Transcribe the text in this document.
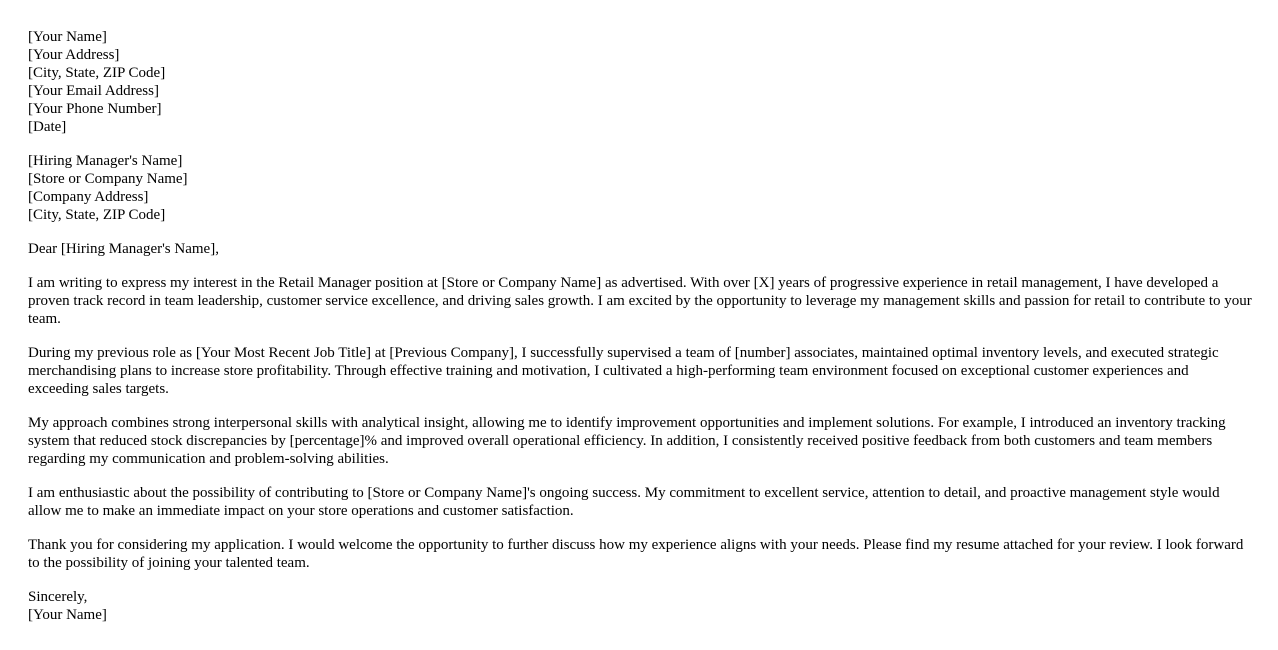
[Your Name]
[Your Address]
[City, State, ZIP Code]
[Your Email Address]
[Your Phone Number]
[Date]
[Hiring Manager's Name]
[Store or Company Name]
[Company Address]
[City, State, ZIP Code]

Dear [Hiring Manager's Name],

I am writing to express my interest in the Retail Manager position at [Store or Company Name] as advertised. With over [X] years of progressive experience in retail management, I have developed a proven track record in team leadership, customer service excellence, and driving sales growth. I am excited by the opportunity to leverage my management skills and passion for retail to contribute to your team.

During my previous role as [Your Most Recent Job Title] at [Previous Company], I successfully supervised a team of [number] associates, maintained optimal inventory levels, and executed strategic merchandising plans to increase store profitability. Through effective training and motivation, I cultivated a high-performing team environment focused on exceptional customer experiences and exceeding sales targets.

My approach combines strong interpersonal skills with analytical insight, allowing me to identify improvement opportunities and implement solutions. For example, I introduced an inventory tracking system that reduced stock discrepancies by [percentage]% and improved overall operational efficiency. In addition, I consistently received positive feedback from both customers and team members regarding my communication and problem-solving abilities.

I am enthusiastic about the possibility of contributing to [Store or Company Name]'s ongoing success. My commitment to excellent service, attention to detail, and proactive management style would allow me to make an immediate impact on your store operations and customer satisfaction.

Thank you for considering my application. I would welcome the opportunity to further discuss how my experience aligns with your needs. Please find my resume attached for your review. I look forward to the possibility of joining your talented team.

Sincerely,
[Your Name]
